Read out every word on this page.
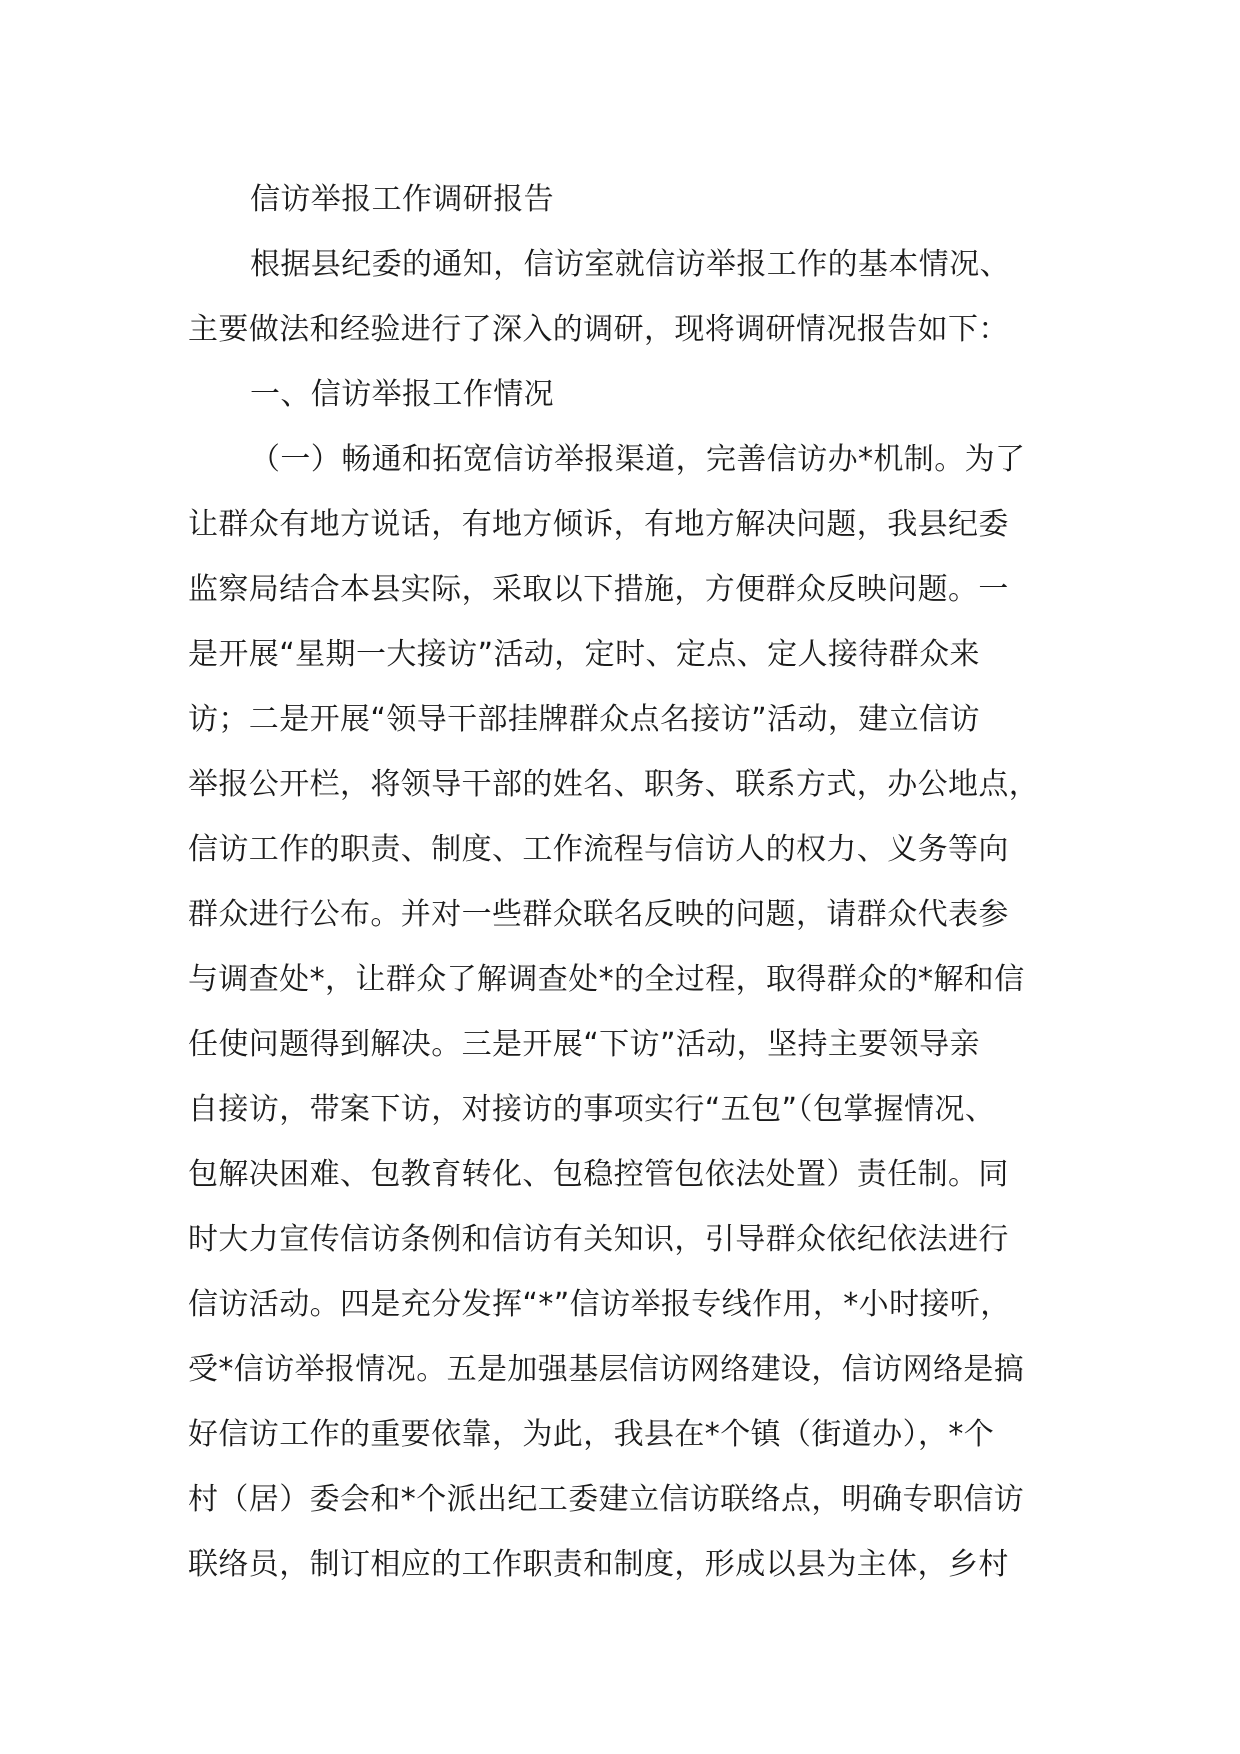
信访举报工作调研报告
根据县纪委的通知，信访室就信访举报工作的基本情况、
主要做法和经验进行了深入的调研，现将调研情况报告如下：
一、信访举报工作情况
（一）畅通和拓宽信访举报渠道，完善信访办*机制。为了
让群众有地方说话，有地方倾诉，有地方解决问题，我县纪委
监察局结合本县实际，采取以下措施，方便群众反映问题。一
是开展“星期一大接访”活动，定时、定点、定人接待群众来
访；二是开展“领导干部挂牌群众点名接访”活动，建立信访
举报公开栏，将领导干部的姓名、职务、联系方式，办公地点，
信访工作的职责、制度、工作流程与信访人的权力、义务等向
群众进行公布。并对一些群众联名反映的问题，请群众代表参
与调查处*，让群众了解调查处*的全过程，取得群众的*解和信
任使问题得到解决。三是开展“下访”活动，坚持主要领导亲
自接访，带案下访，对接访的事项实行“五包”（包掌握情况、
包解决困难、包教育转化、包稳控管包依法处置）责任制。同
时大力宣传信访条例和信访有关知识，引导群众依纪依法进行
信访活动。四是充分发挥“*”信访举报专线作用，*小时接听，
受*信访举报情况。五是加强基层信访网络建设，信访网络是搞
好信访工作的重要依靠，为此，我县在*个镇（街道办），*个
村（居）委会和*个派出纪工委建立信访联络点，明确专职信访
联络员，制订相应的工作职责和制度，形成以县为主体，乡村
